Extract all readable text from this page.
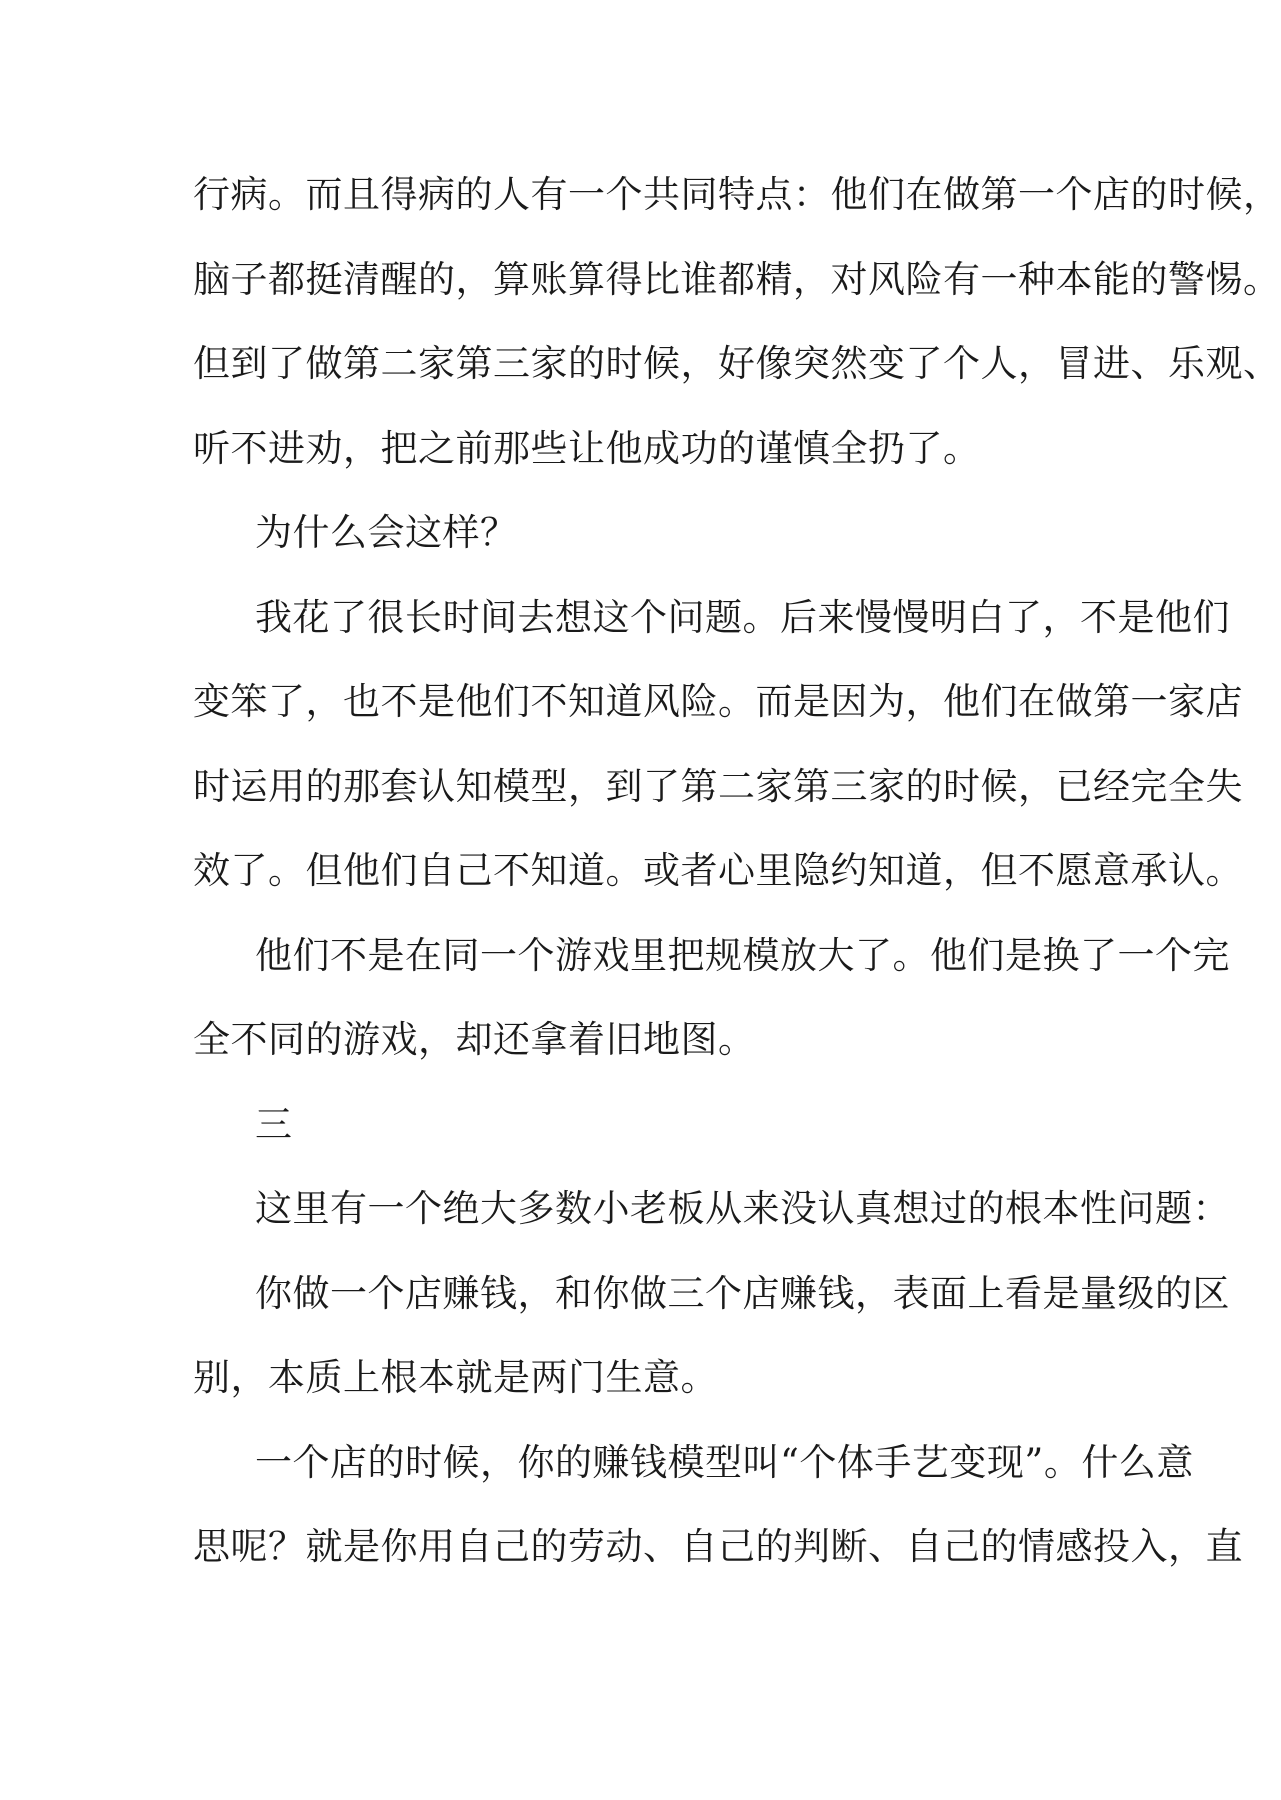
行病。而且得病的人有一个共同特点：他们在做第一个店的时候，
脑子都挺清醒的，算账算得比谁都精，对风险有一种本能的警惕。
但到了做第二家第三家的时候，好像突然变了个人，冒进、乐观、
听不进劝，把之前那些让他成功的谨慎全扔了。
为什么会这样？
我花了很长时间去想这个问题。后来慢慢明白了，不是他们
变笨了，也不是他们不知道风险。而是因为，他们在做第一家店
时运用的那套认知模型，到了第二家第三家的时候，已经完全失
效了。但他们自己不知道。或者心里隐约知道，但不愿意承认。
他们不是在同一个游戏里把规模放大了。他们是换了一个完
全不同的游戏，却还拿着旧地图。
三
这里有一个绝大多数小老板从来没认真想过的根本性问题：
你做一个店赚钱，和你做三个店赚钱，表面上看是量级的区
别，本质上根本就是两门生意。
一个店的时候，你的赚钱模型叫“个体手艺变现”。什么意
思呢？就是你用自己的劳动、自己的判断、自己的情感投入，直
